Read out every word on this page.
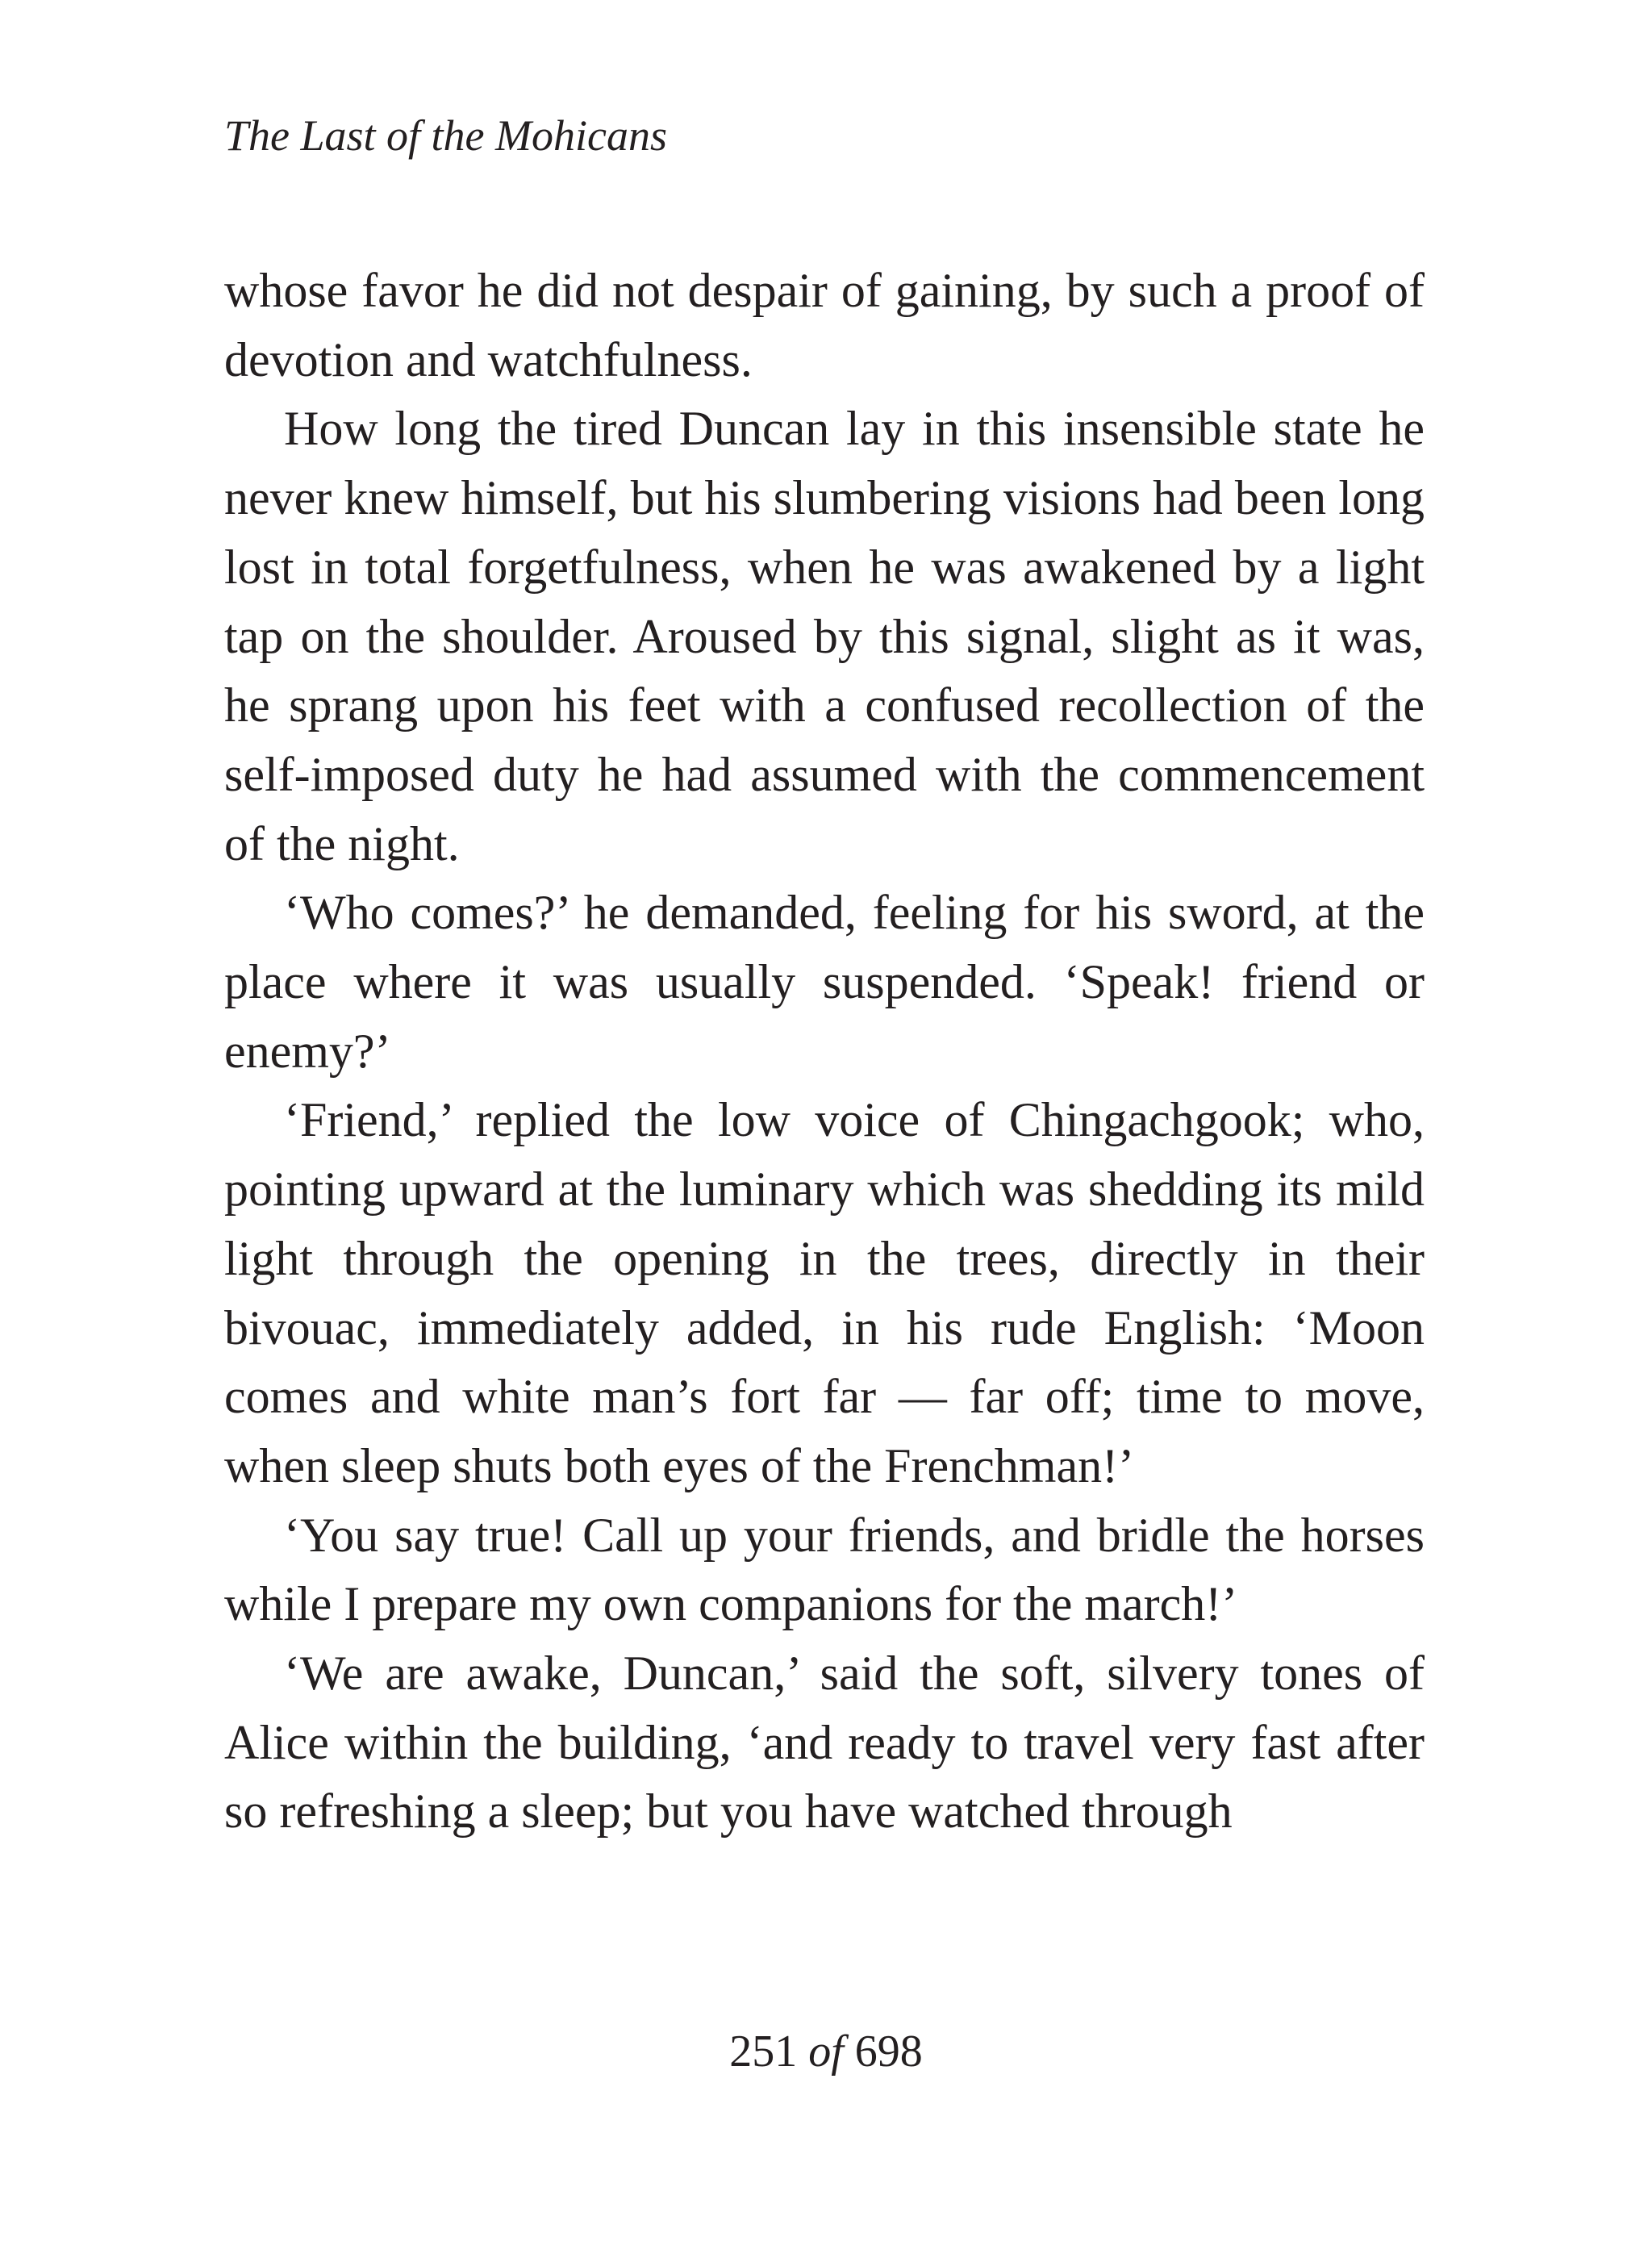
The Last of the Mohicans

whose favor he did not despair of gaining, by such a proof of devotion and watchfulness.

How long the tired Duncan lay in this insensible state he never knew himself, but his slumbering visions had been long lost in total forgetfulness, when he was awakened by a light tap on the shoulder. Aroused by this signal, slight as it was, he sprang upon his feet with a confused recollection of the self-imposed duty he had assumed with the commencement of the night.

‘Who comes?’ he demanded, feeling for his sword, at the place where it was usually suspended. ‘Speak! friend or enemy?’

‘Friend,’ replied the low voice of Chingachgook; who, pointing upward at the luminary which was shedding its mild light through the opening in the trees, directly in their bivouac, immediately added, in his rude English: ‘Moon comes and white man’s fort far — far off; time to move, when sleep shuts both eyes of the Frenchman!’

‘You say true! Call up your friends, and bridle the horses while I prepare my own companions for the march!’

‘We are awake, Duncan,’ said the soft, silvery tones of Alice within the building, ‘and ready to travel very fast after so refreshing a sleep; but you have watched through

251 of 698
